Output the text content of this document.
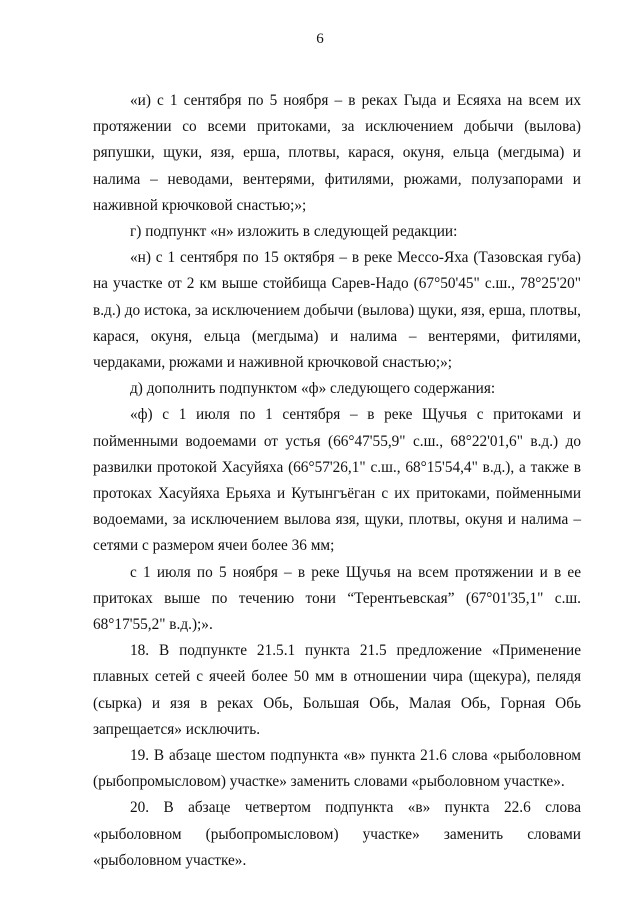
6

«и) с 1 сентября по 5 ноября – в реках Гыда и Есяяха на всем их протяжении со всеми притоками, за исключением добычи (вылова) ряпушки, щуки, язя, ерша, плотвы, карася, окуня, ельца (мегдыма) и налима – неводами, вентерями, фитилями, рюжами, полузапорами и наживной крючковой снастью;»;

г) подпункт «н» изложить в следующей редакции:

«н) с 1 сентября по 15 октября – в реке Мессо-Яха (Тазовская губа) на участке от 2 км выше стойбища Сарев-Надо (67°50'45" с.ш., 78°25'20" в.д.) до истока, за исключением добычи (вылова) щуки, язя, ерша, плотвы, карася, окуня, ельца (мегдыма) и налима – вентерями, фитилями, чердаками, рюжами и наживной крючковой снастью;»;

д) дополнить подпунктом «ф» следующего содержания:

«ф) с 1 июля по 1 сентября – в реке Щучья с притоками и пойменными водоемами от устья (66°47'55,9" с.ш., 68°22'01,6" в.д.) до развилки протокой Хасуйяха (66°57'26,1" с.ш., 68°15'54,4" в.д.), а также в протоках Хасуйяха Ерьяха и Кутынгъёган с их притоками, пойменными водоемами, за исключением вылова язя, щуки, плотвы, окуня и налима – сетями с размером ячеи более 36 мм;

с 1 июля по 5 ноября – в реке Щучья на всем протяжении и в ее притоках выше по течению тони “Терентьевская” (67°01'35,1" с.ш. 68°17'55,2" в.д.);».

18. В подпункте 21.5.1 пункта 21.5 предложение «Применение плавных сетей с ячеей более 50 мм в отношении чира (щекура), пелядя (сырка) и язя в реках Обь, Большая Обь, Малая Обь, Горная Обь запрещается» исключить.

19. В абзаце шестом подпункта «в» пункта 21.6 слова «рыболовном (рыбопромысловом) участке» заменить словами «рыболовном участке».

20. В абзаце четвертом подпункта «в» пункта 22.6 слова «рыболовном (рыбопромысловом) участке» заменить словами «рыболовном участке».
